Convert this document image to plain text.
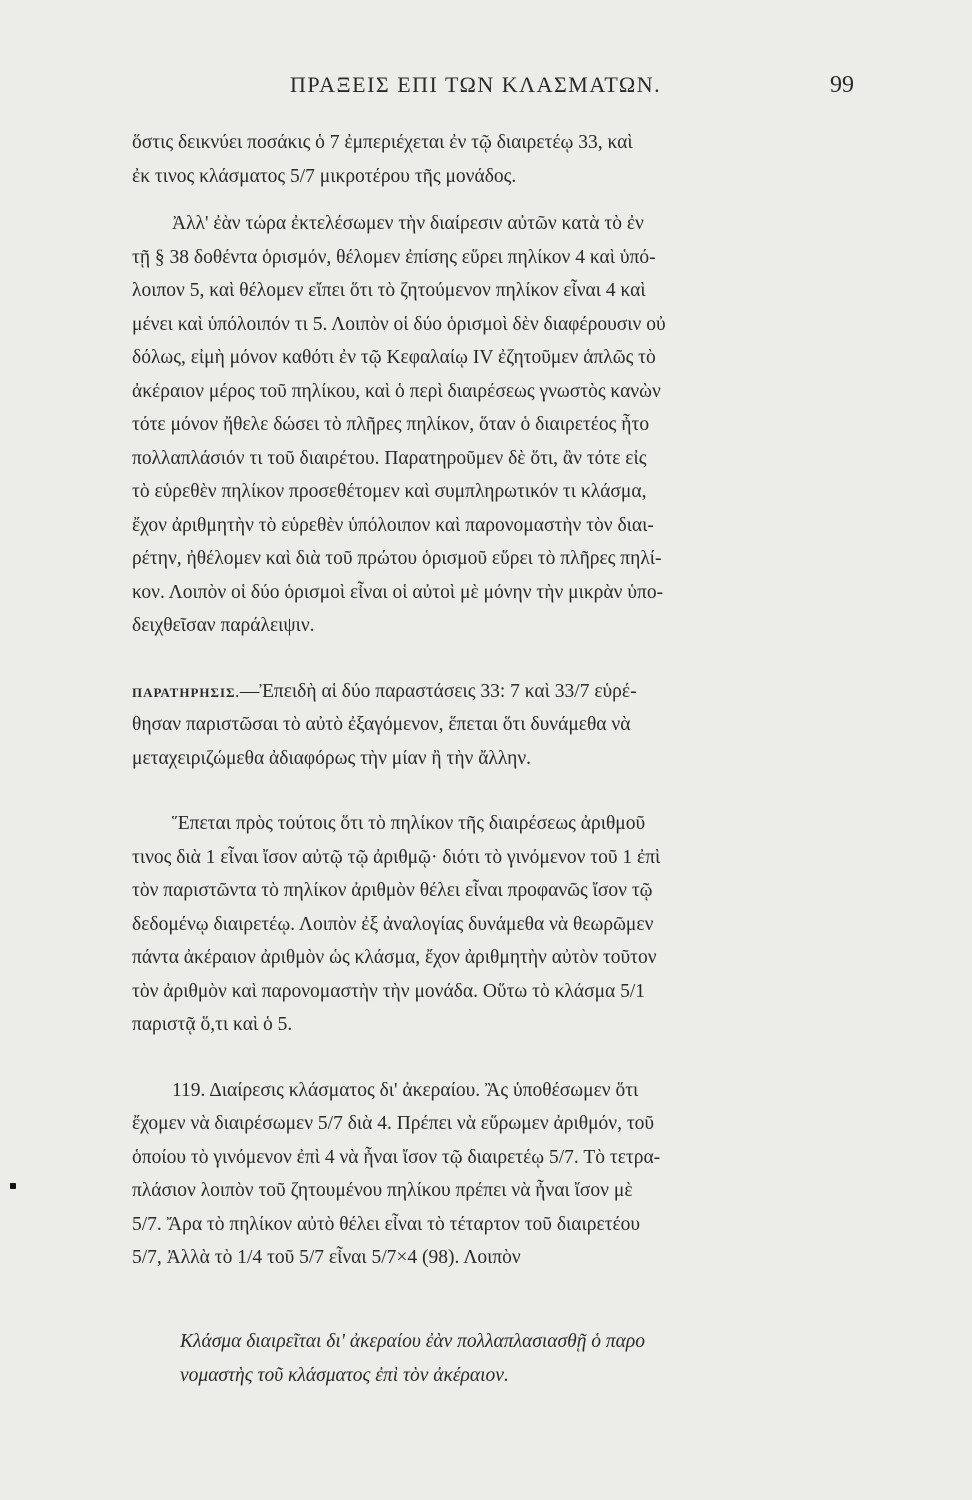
ΠΡΑΞΕΙΣ ΕΠΙ ΤΩΝ ΚΛΑΣΜΑΤΩΝ.	99
ὅστις δεικνύει ποσάκις ὁ 7 ἐμπεριέχεται ἐν τῷ διαιρετέῳ 33, καὶ
ἐκ τινος κλάσματος 5/7 μικροτέρου τῆς μονάδος.
Ἀλλ' ἐὰν τώρα ἐκτελέσωμεν τὴν διαίρεσιν αὐτῶν κατὰ τὸ ἐν
τῇ § 38 δοθέντα ὁρισμόν, θέλομεν ἐπίσης εὕρει πηλίκον 4 καὶ ὑπό-
λοιπον 5, καὶ θέλομεν εἴπει ὅτι τὸ ζητούμενον πηλίκον εἶναι 4 καὶ
μένει καὶ ὑπόλοιπόν τι 5. Λοιπὸν οἱ δύο ὁρισμοὶ δὲν διαφέρουσιν οὐ
δόλως, εἰμὴ μόνον καθότι ἐν τῷ Κεφαλαίῳ IV ἐζητοῦμεν ἁπλῶς τὸ
ἀκέραιον μέρος τοῦ πηλίκου, καὶ ὁ περὶ διαιρέσεως γνωστὸς κανὼν
τότε μόνον ἤθελε δώσει τὸ πλῆρες πηλίκον, ὅταν ὁ διαιρετέος ἦτο
πολλαπλάσιόν τι τοῦ διαιρέτου. Παρατηροῦμεν δὲ ὅτι, ἂν τότε εἰς
τὸ εὑρεθὲν πηλίκον προσεθέτομεν καὶ συμπληρωτικόν τι κλάσμα,
ἔχον ἀριθμητὴν τὸ εὑρεθὲν ὑπόλοιπον καὶ παρονομαστὴν τὸν διαι-
ρέτην, ἠθέλομεν καὶ διὰ τοῦ πρώτου ὁρισμοῦ εὕρει τὸ πλῆρες πηλί-
κον. Λοιπὸν οἱ δύο ὁρισμοὶ εἶναι οἱ αὐτοὶ μὲ μόνην τὴν μικρὰν ὑπο-
δειχθεῖσαν παράλειψιν.
ΠΑΡΑΤΗΡΗΣΙΣ.—Ἐπειδὴ αἱ δύο παραστάσεις 33: 7 καὶ 33/7 εὑρέ-
θησαν παριστῶσαι τὸ αὐτὸ ἐξαγόμενον, ἕπεται ὅτι δυνάμεθα νὰ
μεταχειριζώμεθα ἀδιαφόρως τὴν μίαν ἢ τὴν ἄλλην.
Ἕπεται πρὸς τούτοις ὅτι τὸ πηλίκον τῆς διαιρέσεως ἀριθμοῦ
τινος διὰ 1 εἶναι ἴσον αὐτῷ τῷ ἀριθμῷ· διότι τὸ γινόμενον τοῦ 1 ἐπὶ
τὸν παριστῶντα τὸ πηλίκον ἀριθμὸν θέλει εἶναι προφανῶς ἴσον τῷ
δεδομένῳ διαιρετέῳ. Λοιπὸν ἐξ ἀναλογίας δυνάμεθα νὰ θεωρῶμεν
πάντα ἀκέραιον ἀριθμὸν ὡς κλάσμα, ἔχον ἀριθμητὴν αὐτὸν τοῦτον
τὸν ἀριθμὸν καὶ παρονομαστὴν τὴν μονάδα. Οὕτω τὸ κλάσμα 5/1
παριστᾷ ὅ,τι καὶ ὁ 5.
119. Διαίρεσις κλάσματος δι' ἀκεραίου. Ἂς ὑποθέσωμεν ὅτι
ἔχομεν νὰ διαιρέσωμεν 5/7 διὰ 4. Πρέπει νὰ εὕρωμεν ἀριθμόν, τοῦ
ὁποίου τὸ γινόμενον ἐπὶ 4 νὰ ἦναι ἴσον τῷ διαιρετέῳ 5/7. Τὸ τετρα-
πλάσιον λοιπὸν τοῦ ζητουμένου πηλίκου πρέπει νὰ ἦναι ἴσον μὲ
5/7. Ἄρα τὸ πηλίκον αὐτὸ θέλει εἶναι τὸ τέταρτον τοῦ διαιρετέου
5/7, Ἀλλὰ τὸ 1/4 τοῦ 5/7 εἶναι 5/7×4 (98). Λοιπὸν
Κλάσμα διαιρεῖται δι' ἀκεραίου ἐὰν πολλαπλασιασθῇ ὁ παρο
νομαστὴς τοῦ κλάσματος ἐπὶ τὸν ἀκέραιον.
